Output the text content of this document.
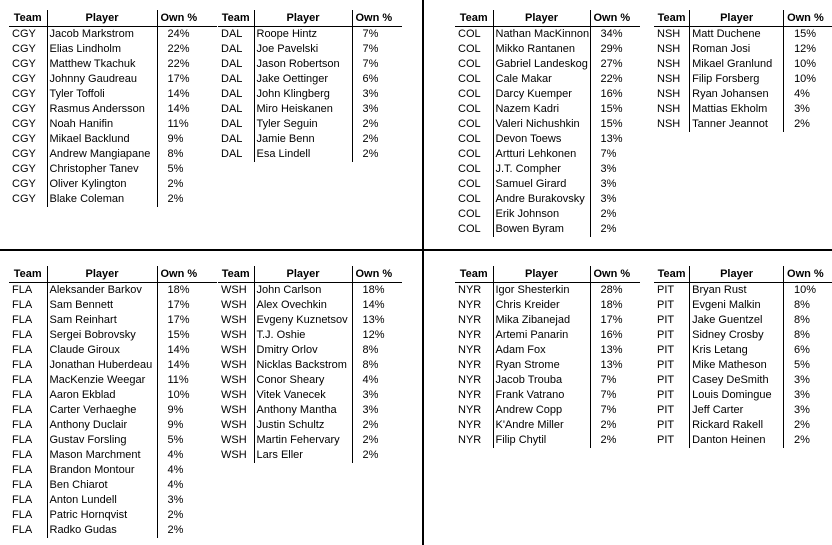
Team	Player	Own %
CGY	Jacob Markstrom	24%
CGY	Elias Lindholm	22%
CGY	Matthew Tkachuk	22%
CGY	Johnny Gaudreau	17%
CGY	Tyler Toffoli	14%
CGY	Rasmus Andersson	14%
CGY	Noah Hanifin	11%
CGY	Mikael Backlund	9%
CGY	Andrew Mangiapane	8%
CGY	Christopher Tanev	5%
CGY	Oliver Kylington	2%
CGY	Blake Coleman	2%
Team	Player	Own %
DAL	Roope Hintz	7%
DAL	Joe Pavelski	7%
DAL	Jason Robertson	7%
DAL	Jake Oettinger	6%
DAL	John Klingberg	3%
DAL	Miro Heiskanen	3%
DAL	Tyler Seguin	2%
DAL	Jamie Benn	2%
DAL	Esa Lindell	2%
Team	Player	Own %
COL	Nathan MacKinnon	34%
COL	Mikko Rantanen	29%
COL	Gabriel Landeskog	27%
COL	Cale Makar	22%
COL	Darcy Kuemper	16%
COL	Nazem Kadri	15%
COL	Valeri Nichushkin	15%
COL	Devon Toews	13%
COL	Artturi Lehkonen	7%
COL	J.T. Compher	3%
COL	Samuel Girard	3%
COL	Andre Burakovsky	3%
COL	Erik Johnson	2%
COL	Bowen Byram	2%
Team	Player	Own %
NSH	Matt Duchene	15%
NSH	Roman Josi	12%
NSH	Mikael Granlund	10%
NSH	Filip Forsberg	10%
NSH	Ryan Johansen	4%
NSH	Mattias Ekholm	3%
NSH	Tanner Jeannot	2%
Team	Player	Own %
FLA	Aleksander Barkov	18%
FLA	Sam Bennett	17%
FLA	Sam Reinhart	17%
FLA	Sergei Bobrovsky	15%
FLA	Claude Giroux	14%
FLA	Jonathan Huberdeau	14%
FLA	MacKenzie Weegar	11%
FLA	Aaron Ekblad	10%
FLA	Carter Verhaeghe	9%
FLA	Anthony Duclair	9%
FLA	Gustav Forsling	5%
FLA	Mason Marchment	4%
FLA	Brandon Montour	4%
FLA	Ben Chiarot	4%
FLA	Anton Lundell	3%
FLA	Patric Hornqvist	2%
FLA	Radko Gudas	2%
Team	Player	Own %
WSH	John Carlson	18%
WSH	Alex Ovechkin	14%
WSH	Evgeny Kuznetsov	13%
WSH	T.J. Oshie	12%
WSH	Dmitry Orlov	8%
WSH	Nicklas Backstrom	8%
WSH	Conor Sheary	4%
WSH	Vitek Vanecek	3%
WSH	Anthony Mantha	3%
WSH	Justin Schultz	2%
WSH	Martin Fehervary	2%
WSH	Lars Eller	2%
Team	Player	Own %
NYR	Igor Shesterkin	28%
NYR	Chris Kreider	18%
NYR	Mika Zibanejad	17%
NYR	Artemi Panarin	16%
NYR	Adam Fox	13%
NYR	Ryan Strome	13%
NYR	Jacob Trouba	7%
NYR	Frank Vatrano	7%
NYR	Andrew Copp	7%
NYR	K'Andre Miller	2%
NYR	Filip Chytil	2%
Team	Player	Own %
PIT	Bryan Rust	10%
PIT	Evgeni Malkin	8%
PIT	Jake Guentzel	8%
PIT	Sidney Crosby	8%
PIT	Kris Letang	6%
PIT	Mike Matheson	5%
PIT	Casey DeSmith	3%
PIT	Louis Domingue	3%
PIT	Jeff Carter	3%
PIT	Rickard Rakell	2%
PIT	Danton Heinen	2%
